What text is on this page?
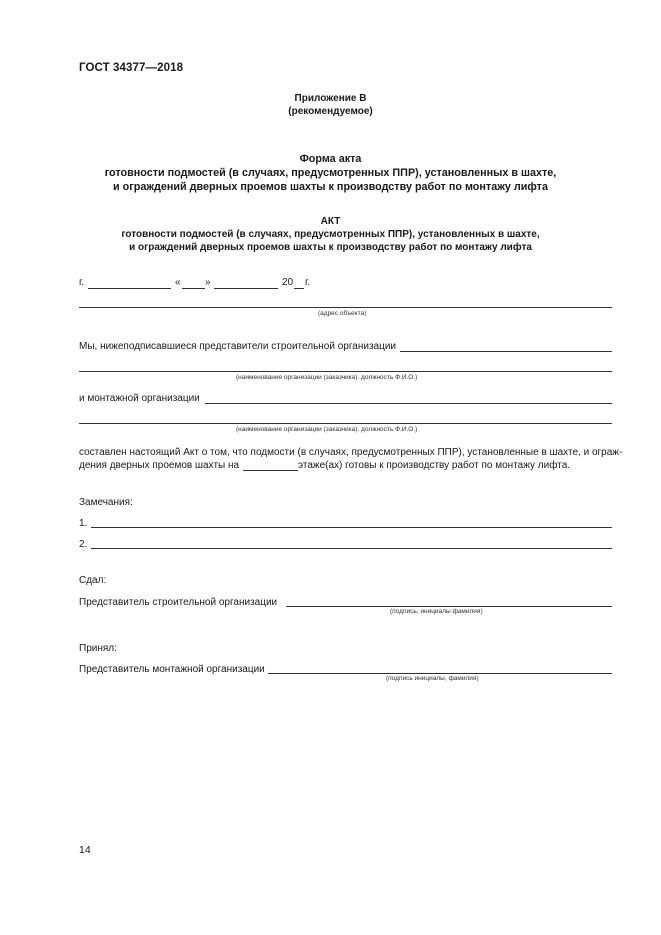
ГОСТ 34377—2018
Приложение В
(рекомендуемое)
Форма акта
готовности подмостей (в случаях, предусмотренных ППР), установленных в шахте,
и ограждений дверных проемов шахты к производству работ по монтажу лифта
АКТ
готовности подмостей (в случаях, предусмотренных ППР), установленных в шахте,
и ограждений дверных проемов шахты к производству работ по монтажу лифта
г.	« »	20 г.
(адрес объекта)
Мы, нижеподписавшиеся представители строительной организации
(наименование организации (заказчика). должность Ф.И.О.)
и монтажной организации
(наименование организации (заказчика). должность Ф.И.О.)
составлен настоящий Акт о том, что подмости (в случаях, предусмотренных ППР), установленные в шахте, и ограж-
дения дверных проемов шахты на	этаже(ах) готовы к производству работ по монтажу лифта.
Замечания:
1.
2.
Сдал:
Представитель строительной организации
(подпись, инициалы фамилия)
Принял:
Представитель монтажной организации
(подпись инициалы, фамилия)
14
